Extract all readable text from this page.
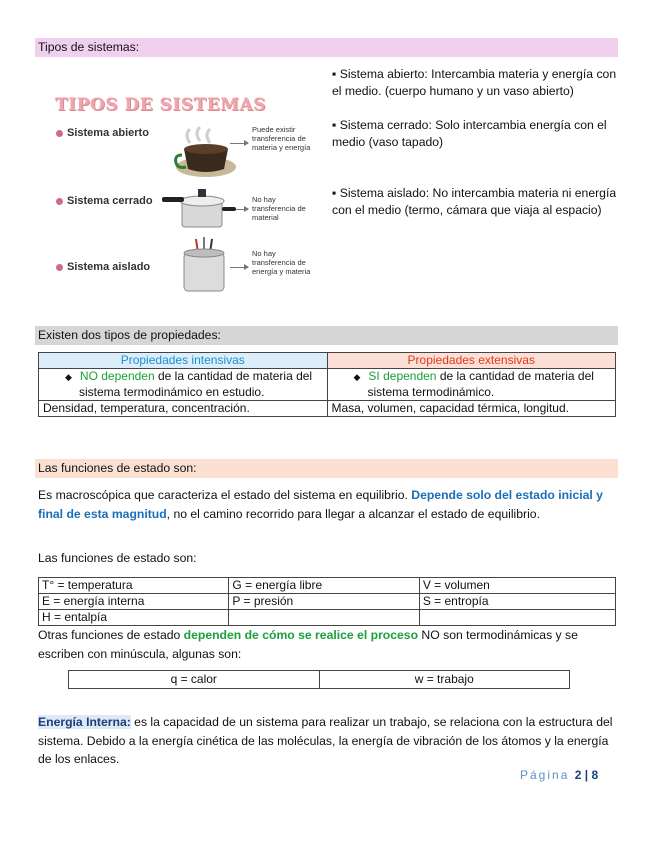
Tipos de sistemas:
TIPOS DE SISTEMAS
Sistema abierto	Puede existir transferencia de materia y energía
Sistema cerrado	No hay transferencia de material
Sistema aislado
No hay transferencia de energía y materia

▪ Sistema abierto: Intercambia materia y energía con el medio. (cuerpo humano y un vaso abierto)

▪ Sistema cerrado: Solo intercambia energía con el medio (vaso tapado)

▪ Sistema aislado: No intercambia materia ni energía con el medio (termo, cámara que viaja al espacio)

Existen dos tipos de propiedades:
Propiedades intensivas	Propiedades extensivas
◆ NO dependen de la cantidad de materia del sistema termodinámico en estudio.	◆ SI dependen de la cantidad de materia del sistema termodinámico.
Densidad, temperatura, concentración.	Masa, volumen, capacidad térmica, longitud.
Las funciones de estado son:

Es macroscópica que caracteriza el estado del sistema en equilibrio. Depende solo del estado inicial y final de esta magnitud, no el camino recorrido para llegar a alcanzar el estado de equilibrio.

Las funciones de estado son:

T° = temperatura	G = energía libre	V = volumen
E = energía interna	P = presión	S = entropía
H = entalpía		

Otras funciones de estado dependen de cómo se realice el proceso NO son termodinámicas y se escriben con minúscula, algunas son:

q = calor	w = trabajo

Energía Interna: es la capacidad de un sistema para realizar un trabajo, se relaciona con la estructura del sistema. Debido a la energía cinética de las moléculas, la energía de vibración de los átomos y la energía de los enlaces.

Página 2 | 8
